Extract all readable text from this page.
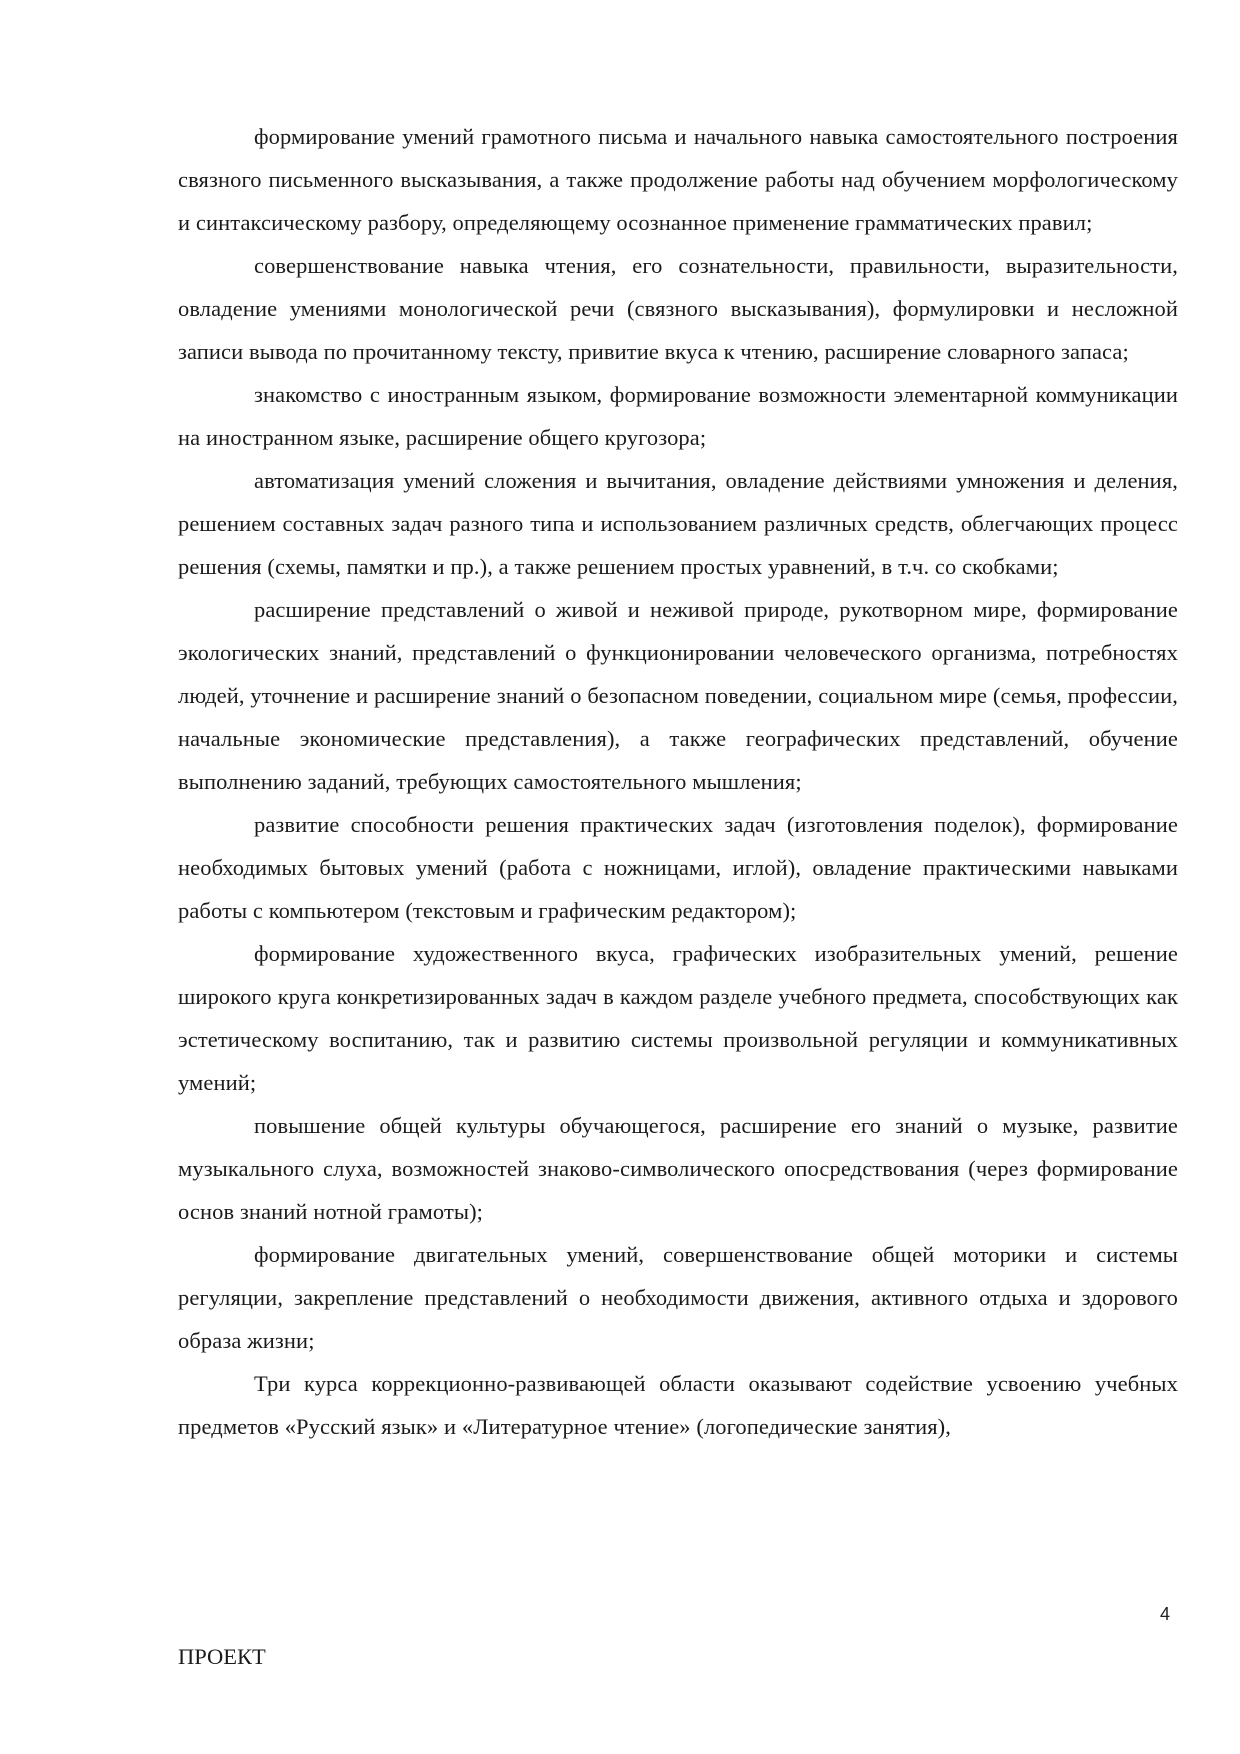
формирование умений грамотного письма и начального навыка самостоятельного построения связного письменного высказывания, а также продолжение работы над обучением морфологическому и синтаксическому разбору, определяющему осознанное применение грамматических правил;

совершенствование навыка чтения, его сознательности, правильности, выразительности, овладение умениями монологической речи (связного высказывания), формулировки и несложной записи вывода по прочитанному тексту, привитие вкуса к чтению, расширение словарного запаса;

знакомство с иностранным языком, формирование возможности элементарной коммуникации на иностранном языке, расширение общего кругозора;

автоматизация умений сложения и вычитания, овладение действиями умножения и деления, решением составных задач разного типа и использованием различных средств, облегчающих процесс решения (схемы, памятки и пр.), а также решением простых уравнений, в т.ч. со скобками;

расширение представлений о живой и неживой природе, рукотворном мире, формирование экологических знаний, представлений о функционировании человеческого организма, потребностях людей, уточнение и расширение знаний о безопасном поведении, социальном мире (семья, профессии, начальные экономические представления), а также географических представлений, обучение выполнению заданий, требующих самостоятельного мышления;

развитие способности решения практических задач (изготовления поделок), формирование необходимых бытовых умений (работа с ножницами, иглой), овладение практическими навыками работы с компьютером (текстовым и графическим редактором);

формирование художественного вкуса, графических изобразительных умений, решение широкого круга конкретизированных задач в каждом разделе учебного предмета, способствующих как эстетическому воспитанию, так и развитию системы произвольной регуляции и коммуникативных умений;

повышение общей культуры обучающегося, расширение его знаний о музыке, развитие музыкального слуха, возможностей знаково-символического опосредствования (через формирование основ знаний нотной грамоты);

формирование двигательных умений, совершенствование общей моторики и системы регуляции, закрепление представлений о необходимости движения, активного отдыха и здорового образа жизни;

Три курса коррекционно-развивающей области оказывают содействие усвоению учебных предметов «Русский язык» и «Литературное чтение» (логопедические занятия),

4
ПРОЕКТ
